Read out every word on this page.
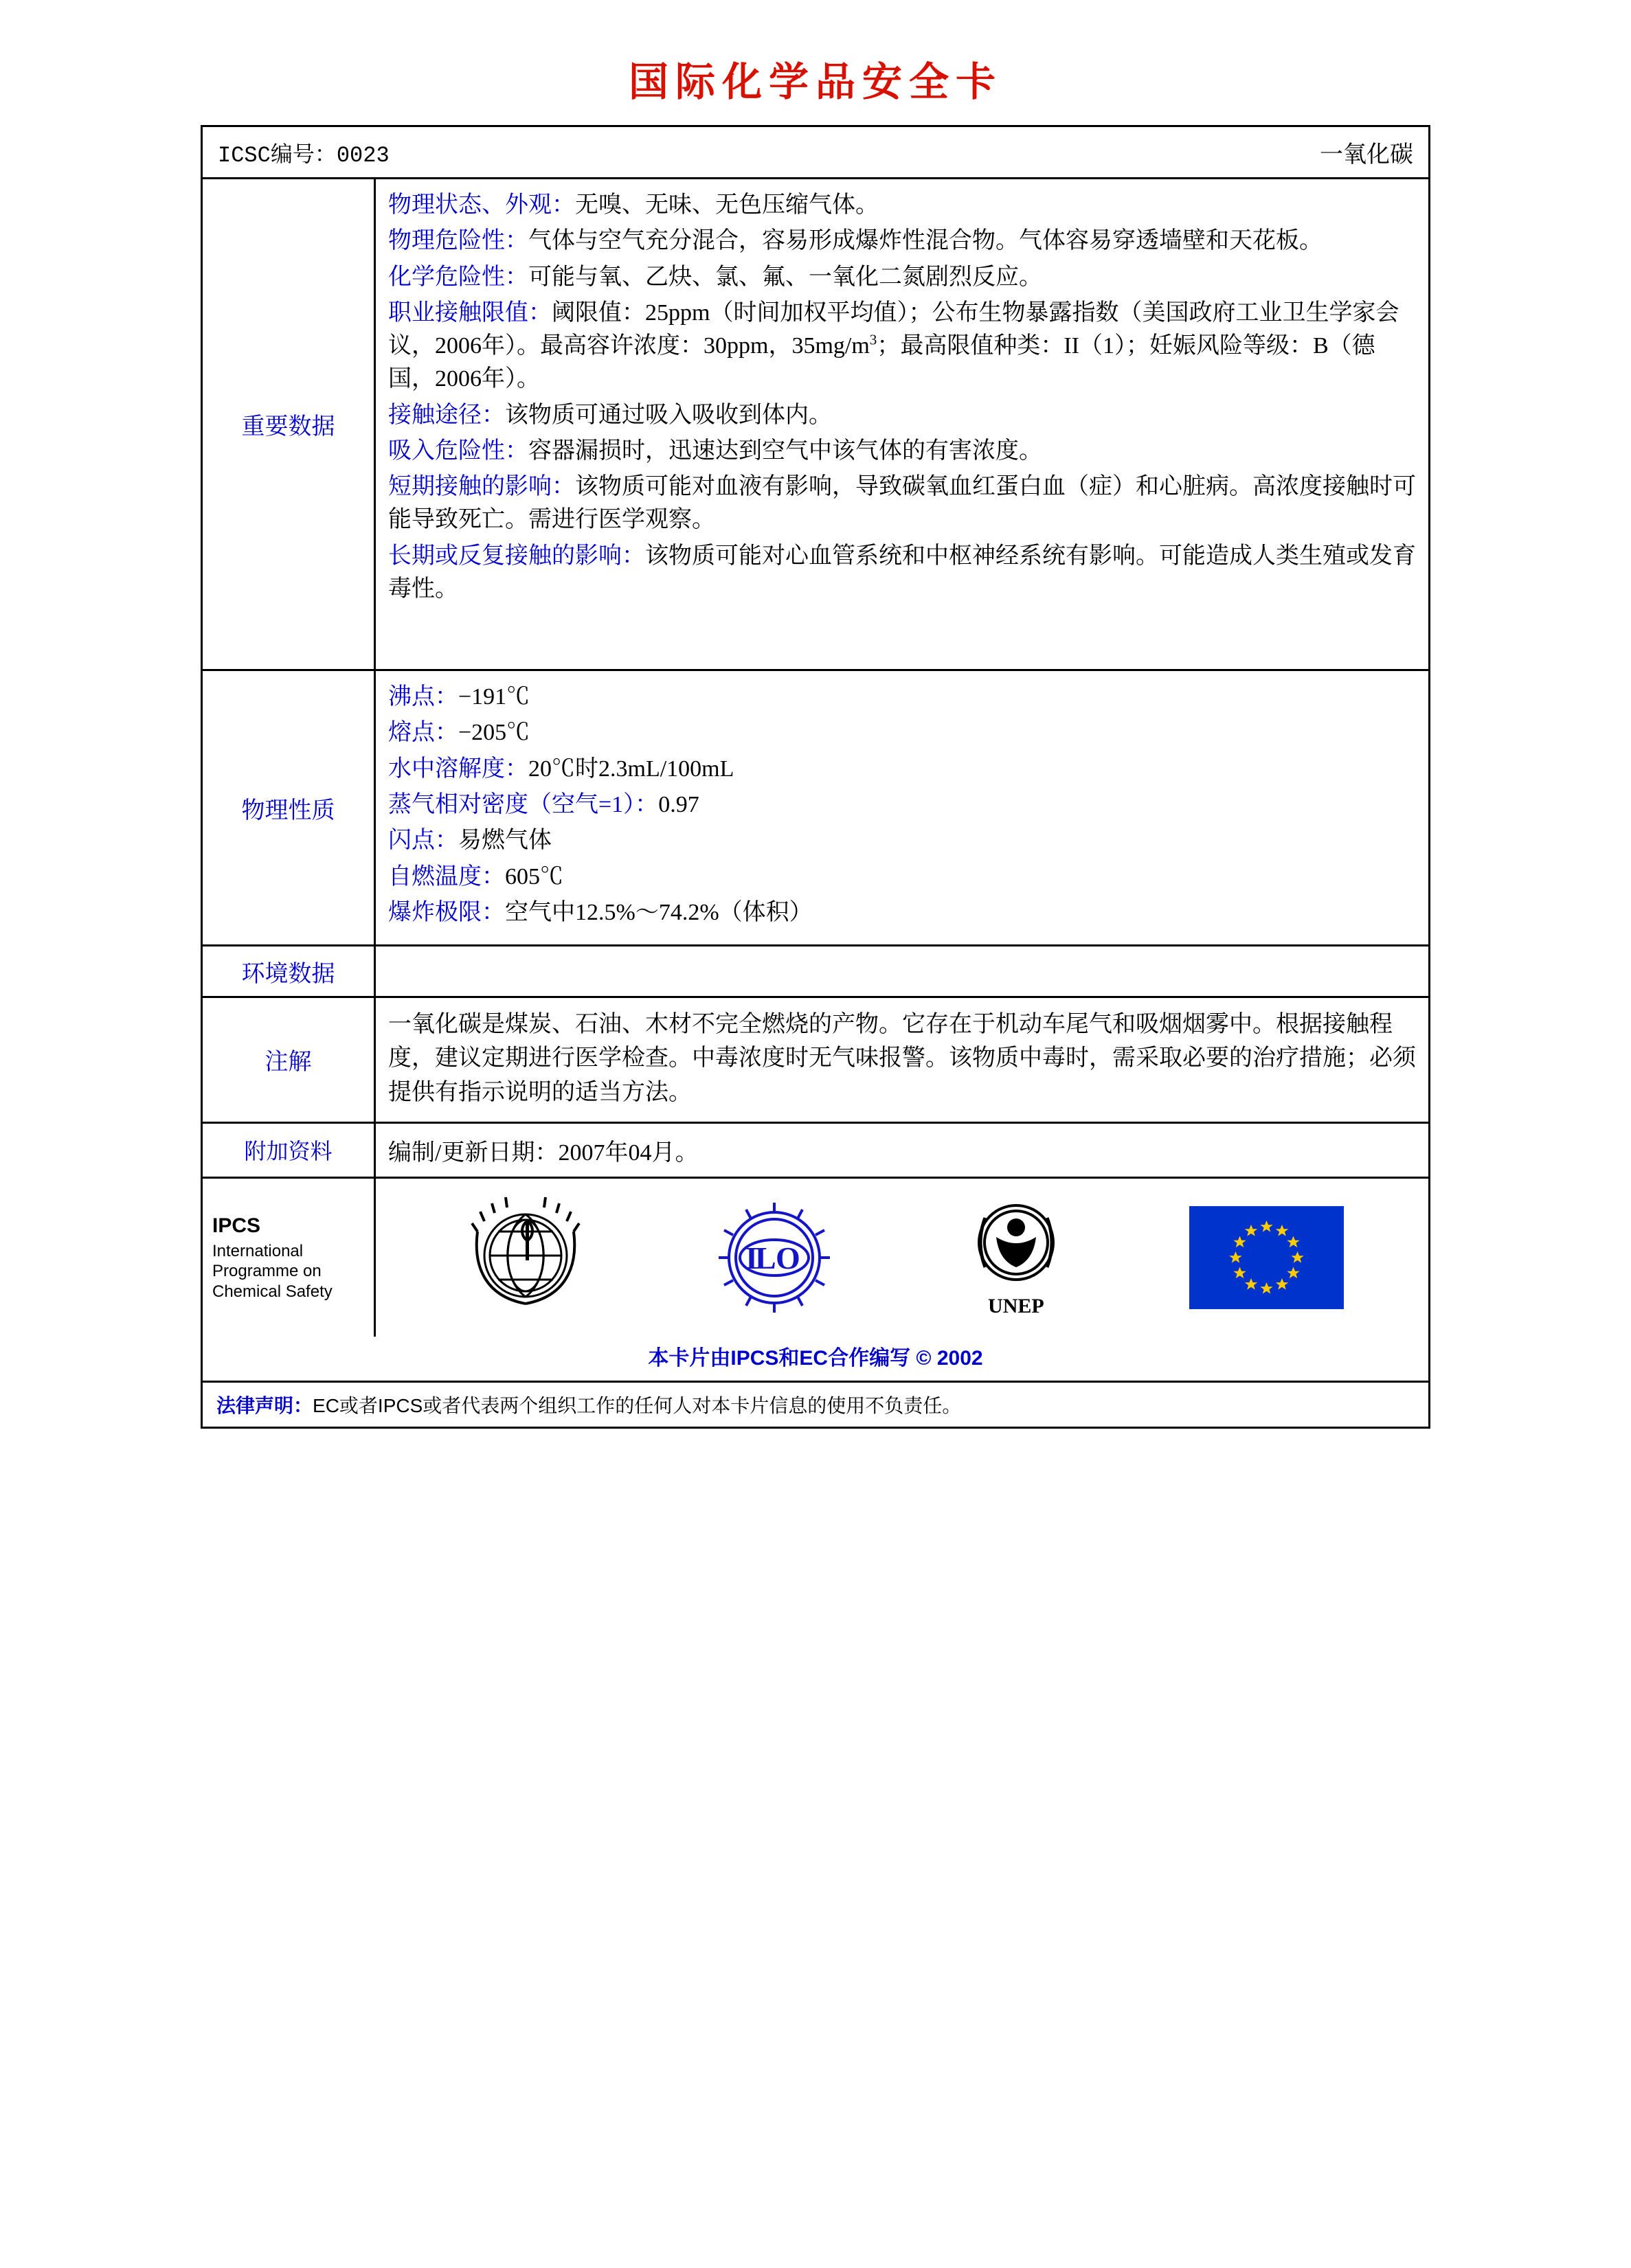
国际化学品安全卡
ICSC编号：0023	一氧化碳
重要数据

物理状态、外观：无嗅、无味、无色压缩气体。

物理危险性：气体与空气充分混合，容易形成爆炸性混合物。气体容易穿透墙壁和天花板。

化学危险性：可能与氧、乙炔、氯、氟、一氧化二氮剧烈反应。

职业接触限值：阈限值：25ppm（时间加权平均值）；公布生物暴露指数（美国政府工业卫生学家会议，2006年）。最高容许浓度：30ppm，$35mg/m^3$；最高限值种类：II（1）；妊娠风险等级：B（德国，2006年）。

接触途径：该物质可通过吸入吸收到体内。

吸入危险性：容器漏损时，迅速达到空气中该气体的有害浓度。

短期接触的影响：该物质可能对血液有影响，导致碳氧血红蛋白血（症）和心脏病。高浓度接触时可能导致死亡。需进行医学观察。

长期或反复接触的影响：该物质可能对心血管系统和中枢神经系统有影响。可能造成人类生殖或发育毒性。

物理性质

沸点：−191℃

熔点：−205℃

水中溶解度：20℃时2.3mL/100mL

蒸气相对密度（空气=1）：0.97

闪点：易燃气体

自燃温度：605℃

爆炸极限：空气中12.5%～74.2%（体积）

环境数据
注解
一氧化碳是煤炭、石油、木材不完全燃烧的产物。它存在于机动车尾气和吸烟烟雾中。根据接触程度，建议定期进行医学检查。中毒浓度时无气味报警。该物质中毒时，需采取必要的治疗措施；必须提供有指示说明的适当方法。
附加资料	编制/更新日期：2007年04月。
IPCS
International
Programme on
Chemical Safety
I
L O
UNEP
本卡片由IPCS和EC合作编写 © 2002
法律声明：EC或者IPCS或者代表两个组织工作的任何人对本卡片信息的使用不负责任。
